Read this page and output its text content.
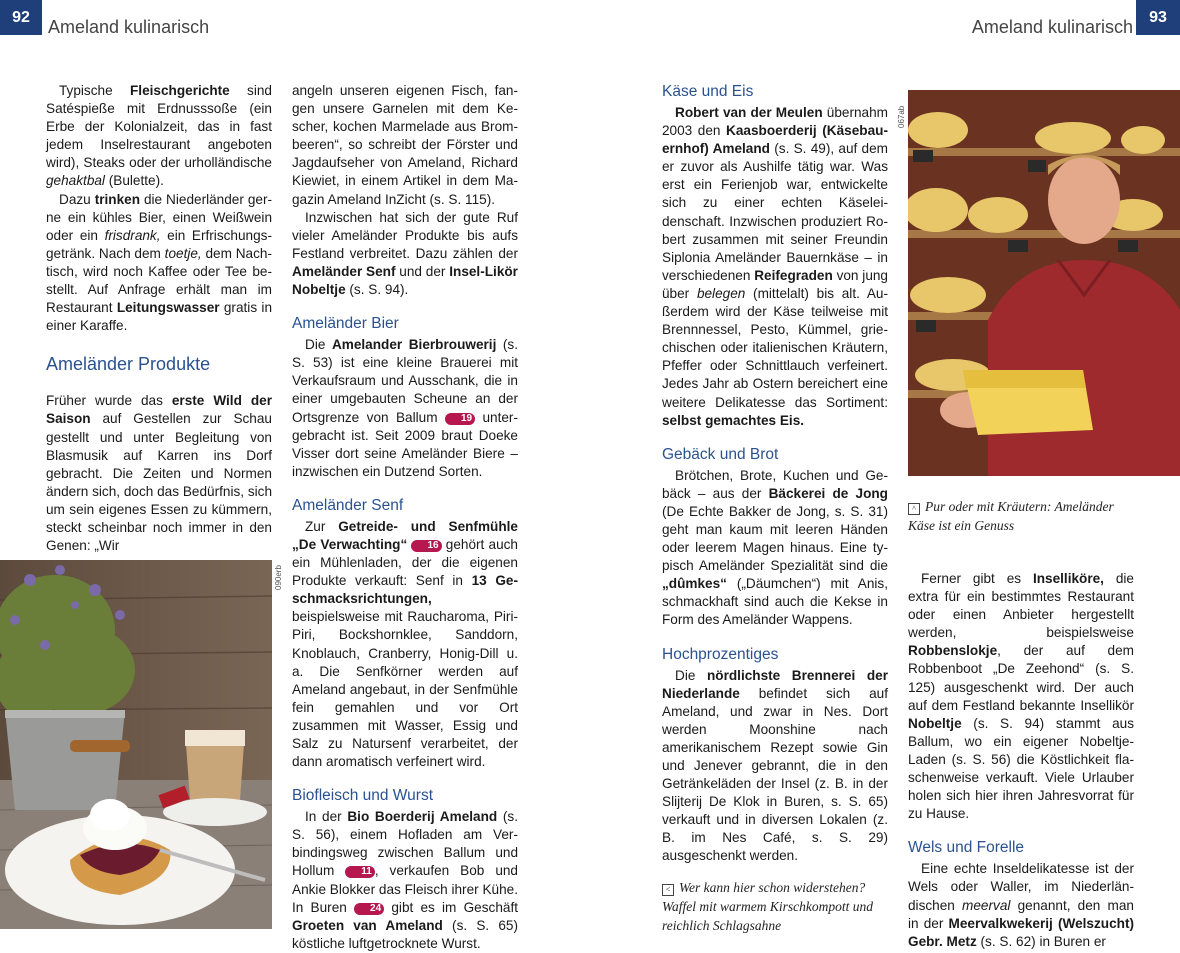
92	Ameland kulinarisch	Ameland kulinarisch	93

Typische Fleischgerichte sind Satéspieße mit Erdnusssoße (ein Erbe der Kolonialzeit, das in fast jedem Inselrestaurant angeboten wird), Steaks oder der urholländische gehaktbal (Bulette).

Dazu trinken die Niederländer gerne ein kühles Bier, einen Weißwein oder ein frisdrank, ein Erfrischungsgetränk. Nach dem toetje, dem Nachtisch, wird noch Kaffee oder Tee bestellt. Auf Anfrage erhält man im Restaurant Leitungswasser gratis in einer Karaffe.

Ameländer Produkte

Früher wurde das erste Wild der Saison auf Gestellen zur Schau gestellt und unter Begleitung von Blasmusik auf Karren ins Dorf gebracht. Die Zeiten und Normen ändern sich, doch das Bedürfnis, sich um sein eigenes Essen zu kümmern, steckt scheinbar noch immer in den Genen: „Wir

090erb

angeln unseren eigenen Fisch, fangen unsere Garnelen mit dem Kescher, kochen Marmelade aus Brombeeren“, so schreibt der Förster und Jagdaufseher von Ameland, Richard Kiewiet, in einem Artikel in dem Magazin Ameland InZicht (s. S. 115).

Inzwischen hat sich der gute Ruf vieler Ameländer Produkte bis aufs Festland verbreitet. Dazu zählen der Ameländer Senf und der Insel-Likör Nobeltje (s. S. 94).

Ameländer Bier

Die Amelander Bierbrouwerij (s. S. 53) ist eine kleine Brauerei mit Verkaufsraum und Ausschank, die in einer umgebauten Scheune an der Ortsgrenze von Ballum 19 untergebracht ist. Seit 2009 braut Doeke Visser dort seine Ameländer Biere – inzwischen ein Dutzend Sorten.

Ameländer Senf

Zur Getreide- und Senfmühle „De Verwachting“ 16 gehört auch ein Mühlenladen, der die eigenen Produkte verkauft: Senf in 13 Geschmacksrichtungen, beispielsweise mit Raucharoma, Piri-Piri, Bockshornklee, Sanddorn, Knoblauch, Cranberry, Honig-Dill u. a. Die Senfkörner werden auf Ameland angebaut, in der Senfmühle fein gemahlen und vor Ort zusammen mit Wasser, Essig und Salz zu Natursenf verarbeitet, der dann aromatisch verfeinert wird.

Biofleisch und Wurst

In der Bio Boerderij Ameland (s. S. 56), einem Hofladen am Verbindingsweg zwischen Ballum und Hollum 11 , verkaufen Bob und Ankie Blokker das Fleisch ihrer Kühe. In Buren 24 gibt es im Geschäft Groeten van Ameland (s. S. 65) köstliche luftgetrocknete Wurst.

Käse und Eis

Robert van der Meulen übernahm 2003 den Kaasboerderij (Käsebauernhof) Ameland (s. S. 49), auf dem er zuvor als Aushilfe tätig war. Was erst ein Ferienjob war, entwickelte sich zu einer echten Käseleidenschaft. Inzwischen produziert Robert zusammen mit seiner Freundin Siplonia Ameländer Bauernkäse – in verschiedenen Reifegraden von jung über belegen (mittelalt) bis alt. Außerdem wird der Käse teilweise mit Brennnessel, Pesto, Kümmel, griechischen oder italienischen Kräutern, Pfeffer oder Schnittlauch verfeinert. Jedes Jahr ab Ostern bereichert eine weitere Delikatesse das Sortiment: selbst gemachtes Eis.

Gebäck und Brot

Brötchen, Brote, Kuchen und Gebäck – aus der Bäckerei de Jong (De Echte Bakker de Jong, s. S. 31) geht man kaum mit leeren Händen oder leerem Magen hinaus. Eine typisch Ameländer Spezialität sind die „dûmkes“ („Däumchen“) mit Anis, schmackhaft sind auch die Kekse in Form des Ameländer Wappens.

Hochprozentiges

Die nördlichste Brennerei der Niederlande befindet sich auf Ameland, und zwar in Nes. Dort werden Moonshine nach amerikanischem Rezept sowie Gin und Jenever gebrannt, die in den Getränkeläden der Insel (z. B. in der Slijterij De Klok in Buren, s. S. 65) verkauft und in diversen Lokalen (z. B. im Nes Café, s. S. 29) ausgeschenkt werden.

< Wer kann hier schon widerstehen? Waffel mit warmem Kirschkompott und reichlich Schlagsahne
067ab
^ Pur oder mit Kräutern: Ameländer Käse ist ein Genuss

Ferner gibt es Inselliköre, die extra für ein bestimmtes Restaurant oder einen Anbieter hergestellt werden, beispielsweise Robbenslokje, der auf dem Robbenboot „De Zeehond“ (s. S. 125) ausgeschenkt wird. Der auch auf dem Festland bekannte Insellikör Nobeltje (s. S. 94) stammt aus Ballum, wo ein eigener Nobeltje-Laden (s. S. 56) die Köstlichkeit flaschenweise verkauft. Viele Urlauber holen sich hier ihren Jahresvorrat für zu Hause.

Wels und Forelle

Eine echte Inseldelikatesse ist der Wels oder Waller, im Niederländischen meerval genannt, den man in der Meervalkwekerij (Welszucht) Gebr. Metz (s. S. 62) in Buren er
